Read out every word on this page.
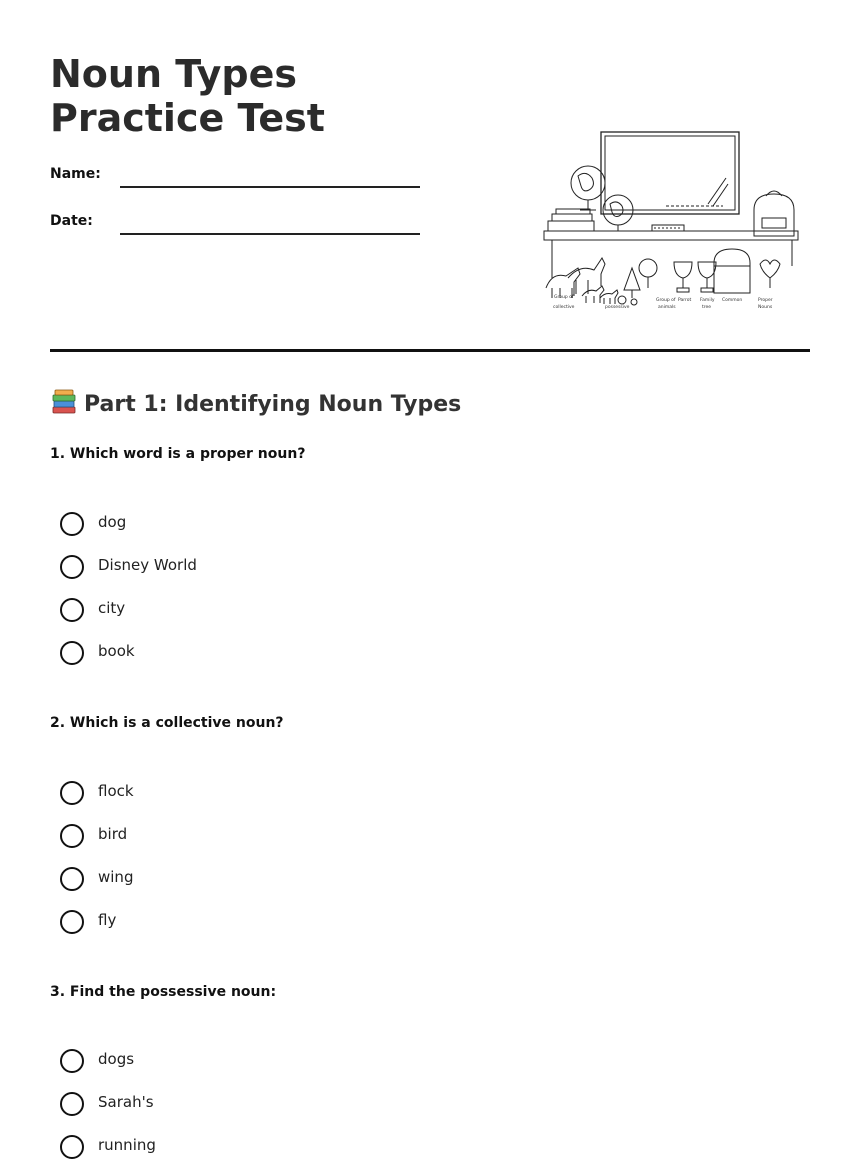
Noun Types Practice Test
Name:
Date:
Group of
collective	possessive
Group of
animals
Parrot Family
tree
Common	Proper
Nouns
Part 1: Identifying Noun Types
1. Which word is a proper noun?
dog
Disney World
city
book
2. Which is a collective noun?
flock
bird
wing
fly
3. Find the possessive noun:
dogs
Sarah's
running
